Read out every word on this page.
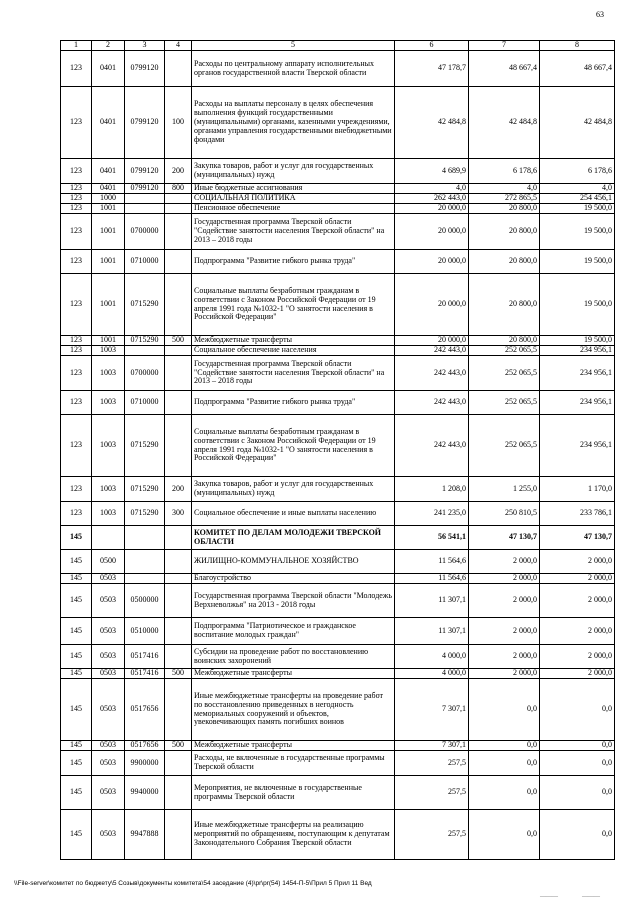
63
1	2	3	4	5	6	7	8
123	0401	0799120		Расходы по центральному аппарату исполнительных органов государственной власти Тверской области	47 178,7	48 667,4	48 667,4
123	0401	0799120	100	Расходы на выплаты персоналу в целях обеспечения выполнения функций государственными (муниципальными) органами, казенными учреждениями, органами управления государственными внебюджетными фондами	42 484,8	42 484,8	42 484,8
123	0401	0799120	200	Закупка товаров, работ и услуг для государственных (муниципальных) нужд	4 689,9	6 178,6	6 178,6
123	0401	0799120	800	Иные бюджетные ассигнования	4,0	4,0	4,0
123	1000			СОЦИАЛЬНАЯ ПОЛИТИКА	262 443,0	272 865,5	254 456,1
123	1001			Пенсионное обеспечение	20 000,0	20 800,0	19 500,0
123	1001	0700000		Государственная программа Тверской области "Содействие занятости населения Тверской области" на 2013 – 2018 годы	20 000,0	20 800,0	19 500,0
123	1001	0710000		Подпрограмма "Развитие гибкого рынка труда"	20 000,0	20 800,0	19 500,0
123	1001	0715290		Социальные выплаты безработным гражданам в соответствии с Законом Российской Федерации от 19 апреля 1991 года №1032-1 "О занятости населения в Российской Федерации"	20 000,0	20 800,0	19 500,0
123	1001	0715290	500	Межбюджетные трансферты	20 000,0	20 800,0	19 500,0
123	1003			Социальное обеспечение населения	242 443,0	252 065,5	234 956,1
123	1003	0700000		Государственная программа Тверской области "Содействие занятости населения Тверской области" на 2013 – 2018 годы	242 443,0	252 065,5	234 956,1
123	1003	0710000		Подпрограмма "Развитие гибкого рынка труда"	242 443,0	252 065,5	234 956,1
123	1003	0715290		Социальные выплаты безработным гражданам в соответствии с Законом Российской Федерации от 19 апреля 1991 года №1032-1 "О занятости населения в Российской Федерации"	242 443,0	252 065,5	234 956,1
123	1003	0715290	200	Закупка товаров, работ и услуг для государственных (муниципальных) нужд	1 208,0	1 255,0	1 170,0
123	1003	0715290	300	Социальное обеспечение и иные выплаты населению	241 235,0	250 810,5	233 786,1
145				КОМИТЕТ ПО ДЕЛАМ МОЛОДЕЖИ ТВЕРСКОЙ ОБЛАСТИ	56 541,1	47 130,7	47 130,7
145	0500			ЖИЛИЩНО-КОММУНАЛЬНОЕ ХОЗЯЙСТВО	11 564,6	2 000,0	2 000,0
145	0503			Благоустройство	11 564,6	2 000,0	2 000,0
145	0503	0500000		Государственная программа Тверской области "Молодежь Верхневолжья" на 2013 - 2018 годы	11 307,1	2 000,0	2 000,0
145	0503	0510000		Подпрограмма "Патриотическое и гражданское воспитание молодых граждан"	11 307,1	2 000,0	2 000,0
145	0503	0517416		Субсидии на проведение работ по восстановлению воинских захоронений	4 000,0	2 000,0	2 000,0
145	0503	0517416	500	Межбюджетные трансферты	4 000,0	2 000,0	2 000,0
145	0503	0517656		Иные межбюджетные трансферты на проведение работ по восстановлению приведенных в негодность мемориальных сооружений и объектов, увековечивающих память погибших воинов	7 307,1	0,0	0,0
145	0503	0517656	500	Межбюджетные трансферты	7 307,1	0,0	0,0
145	0503	9900000		Расходы, не включенные в государственные программы Тверской области	257,5	0,0	0,0
145	0503	9940000		Мероприятия, не включенные в государственные программы Тверской области	257,5	0,0	0,0
145	0503	9947888		Иные межбюджетные трансферты на реализацию мероприятий по обращениям, поступающим к депутатам Законодательного Собрания Тверской области	257,5	0,0	0,0
\\File-server\комитет по бюджету\5 Созыв\документы комитета\54 заседание (4)\pr\pr(54) 1454-П-5\Прил 5 Прил 11 Вед
———	———
